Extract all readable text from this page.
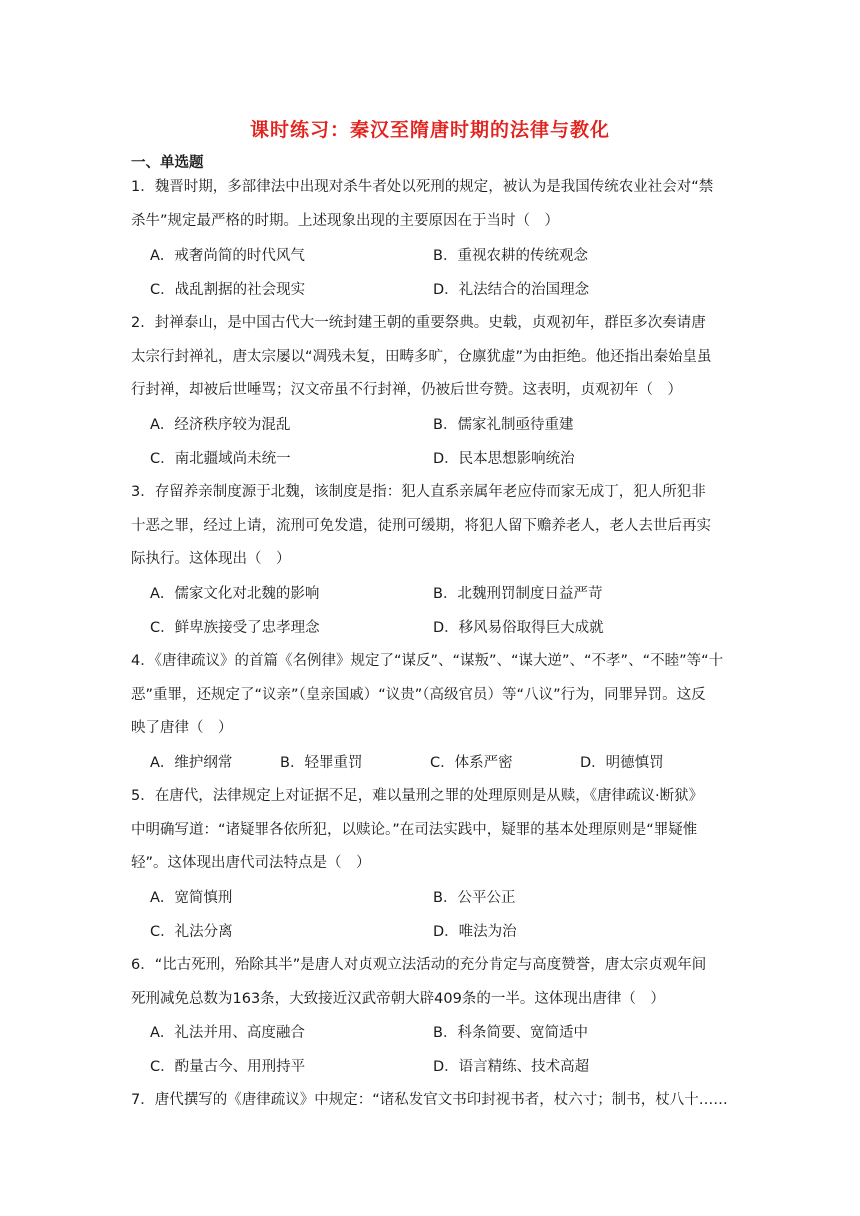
课时练习：秦汉至隋唐时期的法律与教化
一、单选题

1．魏晋时期，多部律法中出现对杀牛者处以死刑的规定，被认为是我国传统农业社会对“禁

杀牛”规定最严格的时期。上述现象出现的主要原因在于当时（　）

A．戒奢尚简的时代风气	B．重视农耕的传统观念
C．战乱割据的社会现实	D．礼法结合的治国理念

2．封禅泰山，是中国古代大一统封建王朝的重要祭典。史载，贞观初年，群臣多次奏请唐

太宗行封禅礼，唐太宗屡以“凋残未复，田畴多旷，仓廪犹虚”为由拒绝。他还指出秦始皇虽

行封禅，却被后世唾骂；汉文帝虽不行封禅，仍被后世夸赞。这表明，贞观初年（　）

A．经济秩序较为混乱	B．儒家礼制亟待重建
C．南北疆域尚未统一	D．民本思想影响统治

3．存留养亲制度源于北魏，该制度是指：犯人直系亲属年老应侍而家无成丁，犯人所犯非

十恶之罪，经过上请，流刑可免发遣，徒刑可缓期，将犯人留下赡养老人，老人去世后再实

际执行。这体现出（　）

A．儒家文化对北魏的影响	B．北魏刑罚制度日益严苛
C．鲜卑族接受了忠孝理念	D．移风易俗取得巨大成就

4．《唐律疏议》的首篇《名例律》规定了“谋反”、“谋叛”、“谋大逆”、“不孝”、“不睦”等“十

恶”重罪，还规定了“议亲”（皇亲国戚）“议贵”（高级官员）等“八议”行为，同罪异罚。这反

映了唐律（　）

A．维护纲常	B．轻罪重罚	C．体系严密	D．明德慎罚

5．在唐代，法律规定上对证据不足，难以量刑之罪的处理原则是从赎，《唐律疏议·断狱》

中明确写道：“诸疑罪各依所犯，以赎论。”在司法实践中，疑罪的基本处理原则是“罪疑惟

轻”。这体现出唐代司法特点是（　）

A．宽简慎刑	B．公平公正
C．礼法分离	D．唯法为治

6．“比古死刑，殆除其半”是唐人对贞观立法活动的充分肯定与高度赞誉，唐太宗贞观年间

死刑减免总数为163条，大致接近汉武帝朝大辟409条的一半。这体现出唐律（　）

A．礼法并用、高度融合	B．科条简要、宽简适中
C．酌量古今、用刑持平	D．语言精练、技术高超

7．唐代撰写的《唐律疏议》中规定：“诸私发官文书印封视书者，杖六寸；制书，杖八十……
